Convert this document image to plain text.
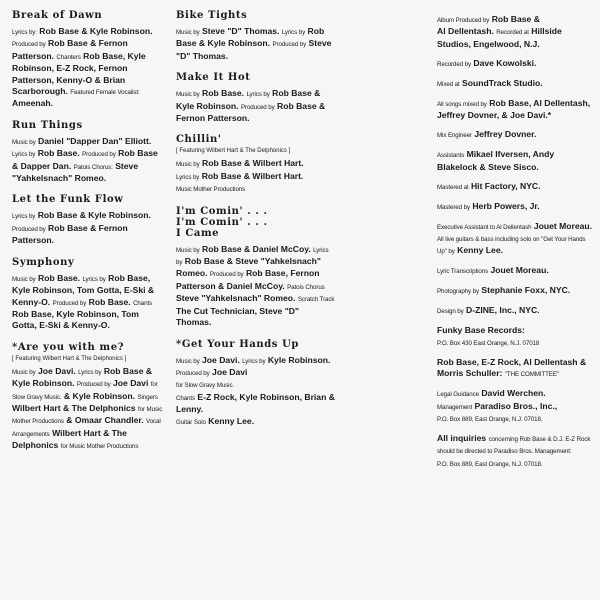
Break of Dawn

Lyrics by: Rob Base & Kyle Robinson. Produced by Rob Base & Fernon Patterson. Chanters Rob Base, Kyle Robinson, E-Z Rock, Fernon Patterson, Kenny-O & Brian Scarborough. Featured Female Vocalist: Ameenah.

Run Things

Music by Daniel "Dapper Dan" Elliott. Lyrics by Rob Base. Produced by Rob Base & Dapper Dan. Patois Chorus: Steve "Yahkelsnach" Romeo.

Let the Funk Flow

Lyrics by Rob Base & Kyle Robinson. Produced by Rob Base & Fernon Patterson.

Symphony

Music by Rob Base. Lyrics by Rob Base, Kyle Robinson, Tom Gotta, E-Ski & Kenny-O. Produced by Rob Base. Chants Rob Base, Kyle Robinson, Tom Gotta, E-Ski & Kenny-O.

*Are you with me?
[ Featuring Wilbert Hart & The Delphonics ]

Music by Joe Davi. Lyrics by Rob Base & Kyle Robinson. Produced by Joe Davi for Slow Gravy Music. & Kyle Robinson. Singers Wilbert Hart & The Delphonics for Music Mother Productions & Omaar Chandler. Vocal Arrangements Wilbert Hart & The Delphonics for Music Mother Productions

Bike Tights

Music by Steve "D" Thomas. Lyrics by Rob Base & Kyle Robinson. Produced by Steve "D" Thomas.

Make It Hot

Music by Rob Base. Lyrics by Rob Base & Kyle Robinson. Produced by Rob Base & Fernon Patterson.

Chillin'
[ Featuring Wilbert Hart & The Delphonics ]

Music by Rob Base & Wilbert Hart.
Lyrics by Rob Base & Wilbert Hart.
Music Mother Productions

I'm Comin' . . .
I'm Comin' . . .
I Came

Music by Rob Base & Daniel McCoy. Lyrics by Rob Base & Steve "Yahkelsnach" Romeo. Produced by Rob Base, Fernon Patterson & Daniel McCoy. Patois Chorus Steve "Yahkelsnach" Romeo. Scratch Track The Cut Technician, Steve "D" Thomas.

*Get Your Hands Up

Music by Joe Davi. Lyrics by Kyle Robinson. Produced by Joe Davi
for Slow Gravy Music.
Chants E-Z Rock, Kyle Robinson, Brian & Lenny.
Guitar Solo Kenny Lee.

Album Produced by Rob Base &
Al Dellentash. Recorded at Hillside Studios, Engelwood, N.J.

Recorded by Dave Kowolski.

Mixed at SoundTrack Studio.

All songs mixed by Rob Base, Al Dellentash, Jeffrey Dovner, & Joe Davi.*

Mix Engineer Jeffrey Dovner.

Assistants Mikael Ifversen, Andy Blakelock & Steve Sisco.

Mastered at Hit Factory, NYC.

Mastered by Herb Powers, Jr.

Executive Assistant to Al Dellentash Jouet Moreau. All live guitars & bass including solo on "Get Your Hands Up" by Kenny Lee.

Lyric Transcriptions Jouet Moreau.

Photography by Stephanie Foxx, NYC.

Design by D-ZINE, Inc., NYC.

Funky Base Records:
P.O. Box 430 East Orange, N.J. 07018

Rob Base, E-Z Rock, Al Dellentash & Morris Schuller: "THE COMMITTEE"

Legal Guidance David Werchen.
Management Paradiso Bros., Inc.,
P.O. Box 889, East Orange, N.J. 07018.

All inquiries concerning Rob Base & D.J. E-Z Rock should be directed to Paradiso Bros. Management:
P.O. Box 889, East Orange, N.J. 07018.
